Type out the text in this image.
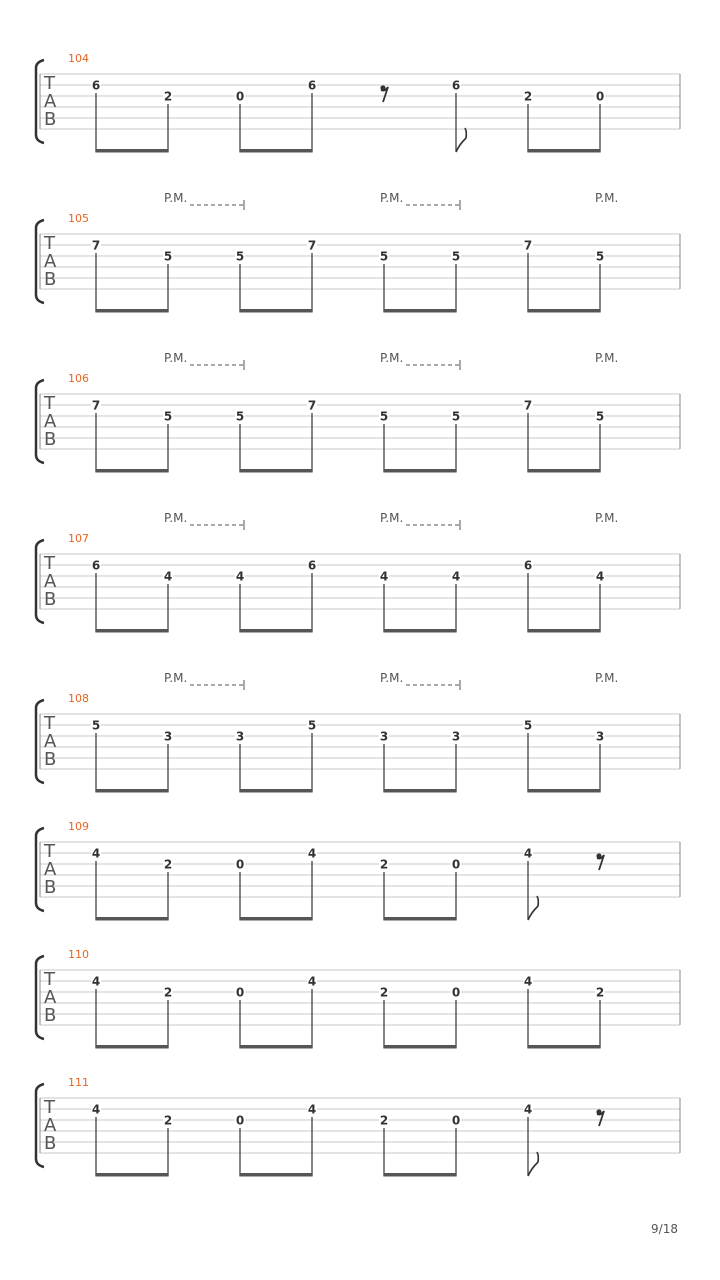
104
T
A
B
6
2	0
6	6
2	0
105
T
A
B
P.M.	P.M.	P.M.
7
5	5
7
5	5
7
5
106
T
A
B
P.M.	P.M.	P.M.
7
5	5
7
5	5
7
5
107
T
A
B
P.M.	P.M.	P.M.
6
4	4
6
4	4
6
4
108
T
A
B
P.M.	P.M.	P.M.
5
3	3
5
3	3
5
3
109
T
A
B
4
2	0
4
2	0
4
110
T
A
B
4
2	0
4
2	0
4
2
111
T
A
B
4
2	0
4
2	0
4
9/18
